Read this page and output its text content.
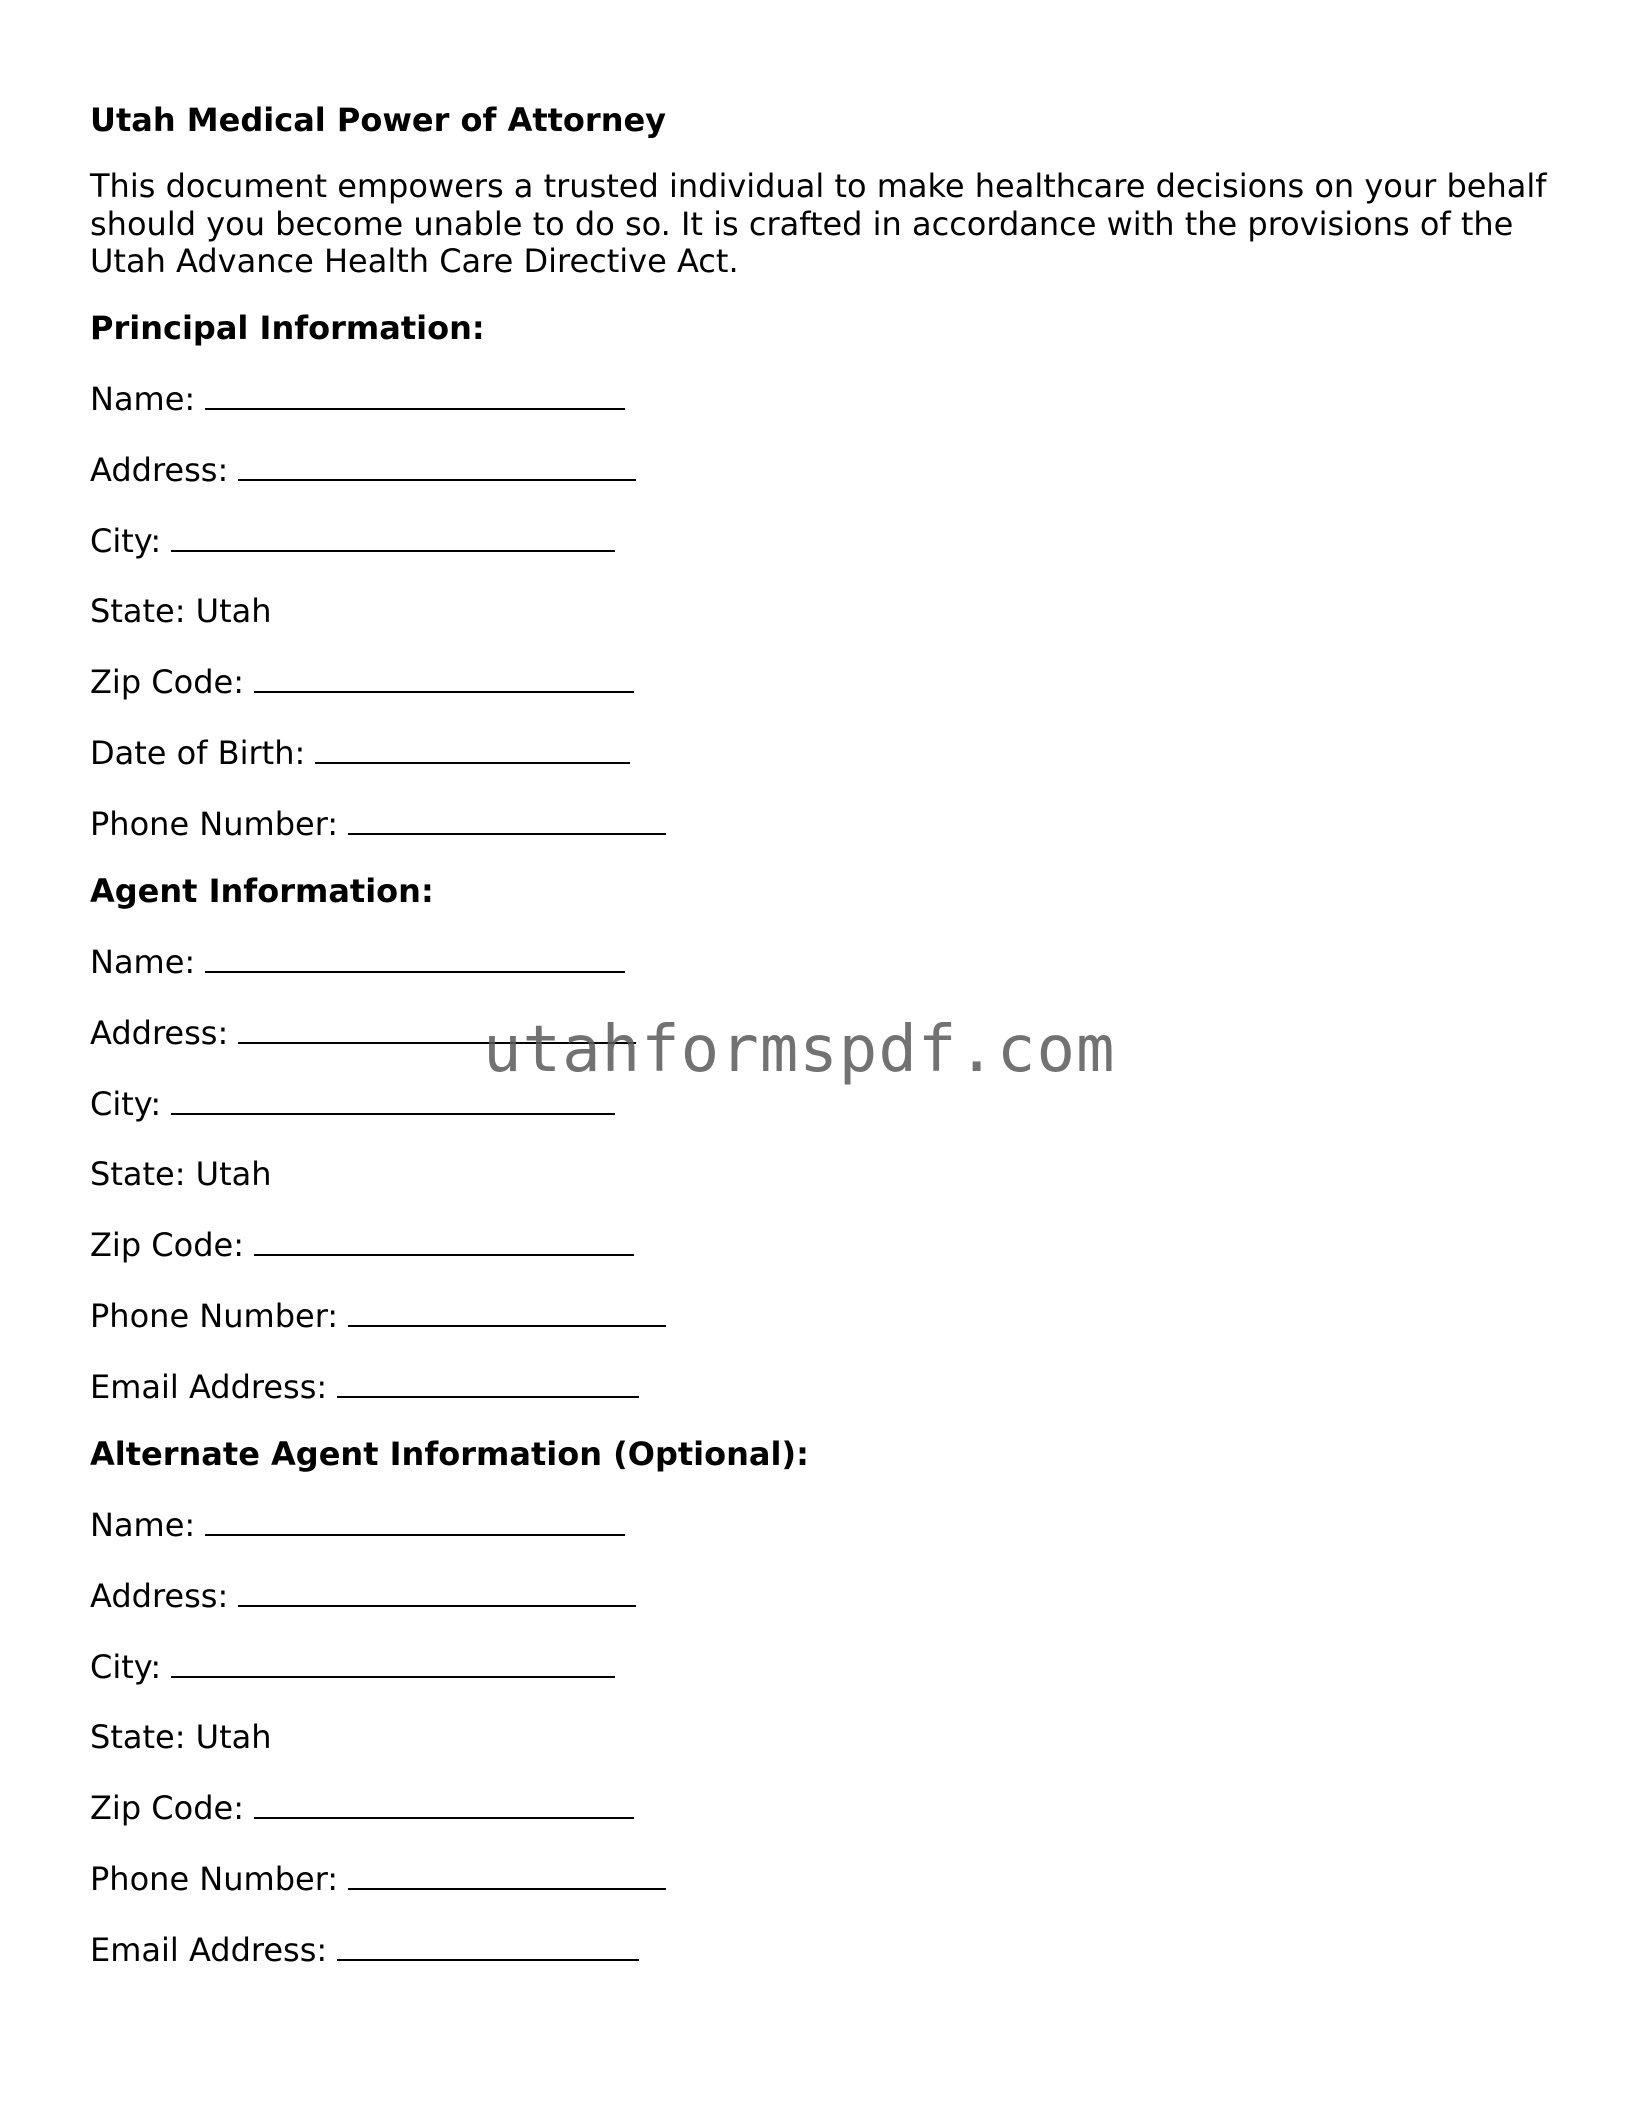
Utah Medical Power of Attorney

This document empowers a trusted individual to make healthcare decisions on your behalf should you become unable to do so. It is crafted in accordance with the provisions of the Utah Advance Health Care Directive Act.

Principal Information:
Name:
Address:
City:
State: Utah
Zip Code:
Date of Birth:
Phone Number:
Agent Information:
Name:
Address:
City:
State: Utah
Zip Code:
Phone Number:
Email Address:
Alternate Agent Information (Optional):
Name:
Address:
City:
State: Utah
Zip Code:
Phone Number:
Email Address:
utahformspdf.com
